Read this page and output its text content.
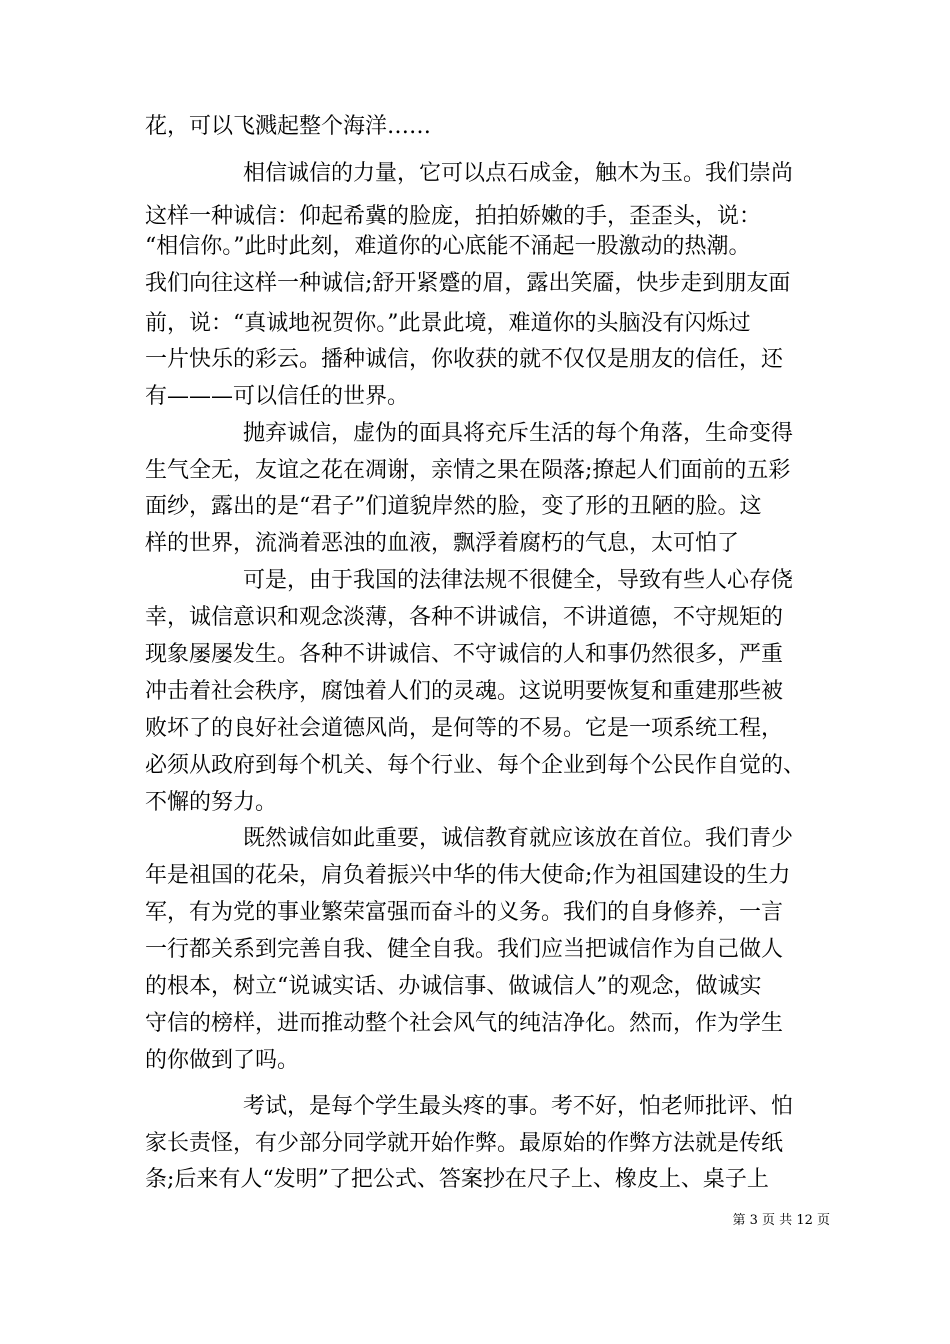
花，可以飞溅起整个海洋……
相信诚信的力量，它可以点石成金，触木为玉。我们崇尚
这样一种诚信：仰起希冀的脸庞，拍拍娇嫩的手，歪歪头，说：
“相信你。”此时此刻，难道你的心底能不涌起一股激动的热潮。
我们向往这样一种诚信;舒开紧蹙的眉，露出笑靥，快步走到朋友面
前，说：“真诚地祝贺你。”此景此境，难道你的头脑没有闪烁过
一片快乐的彩云。播种诚信，你收获的就不仅仅是朋友的信任，还
有———可以信任的世界。
抛弃诚信，虚伪的面具将充斥生活的每个角落，生命变得
生气全无，友谊之花在凋谢，亲情之果在陨落;撩起人们面前的五彩
面纱，露出的是“君子”们道貌岸然的脸，变了形的丑陋的脸。这
样的世界，流淌着恶浊的血液，飘浮着腐朽的气息，太可怕了
可是，由于我国的法律法规不很健全，导致有些人心存侥
幸，诚信意识和观念淡薄，各种不讲诚信，不讲道德，不守规矩的
现象屡屡发生。各种不讲诚信、不守诚信的人和事仍然很多，严重
冲击着社会秩序，腐蚀着人们的灵魂。这说明要恢复和重建那些被
败坏了的良好社会道德风尚，是何等的不易。它是一项系统工程，
必须从政府到每个机关、每个行业、每个企业到每个公民作自觉的、
不懈的努力。
既然诚信如此重要，诚信教育就应该放在首位。我们青少
年是祖国的花朵，肩负着振兴中华的伟大使命;作为祖国建设的生力
军，有为党的事业繁荣富强而奋斗的义务。我们的自身修养，一言
一行都关系到完善自我、健全自我。我们应当把诚信作为自己做人
的根本，树立“说诚实话、办诚信事、做诚信人”的观念，做诚实
守信的榜样，进而推动整个社会风气的纯洁净化。然而，作为学生
的你做到了吗。
考试，是每个学生最头疼的事。考不好，怕老师批评、怕
家长责怪，有少部分同学就开始作弊。最原始的作弊方法就是传纸
条;后来有人“发明”了把公式、答案抄在尺子上、橡皮上、桌子上
第 3 页 共 12 页
